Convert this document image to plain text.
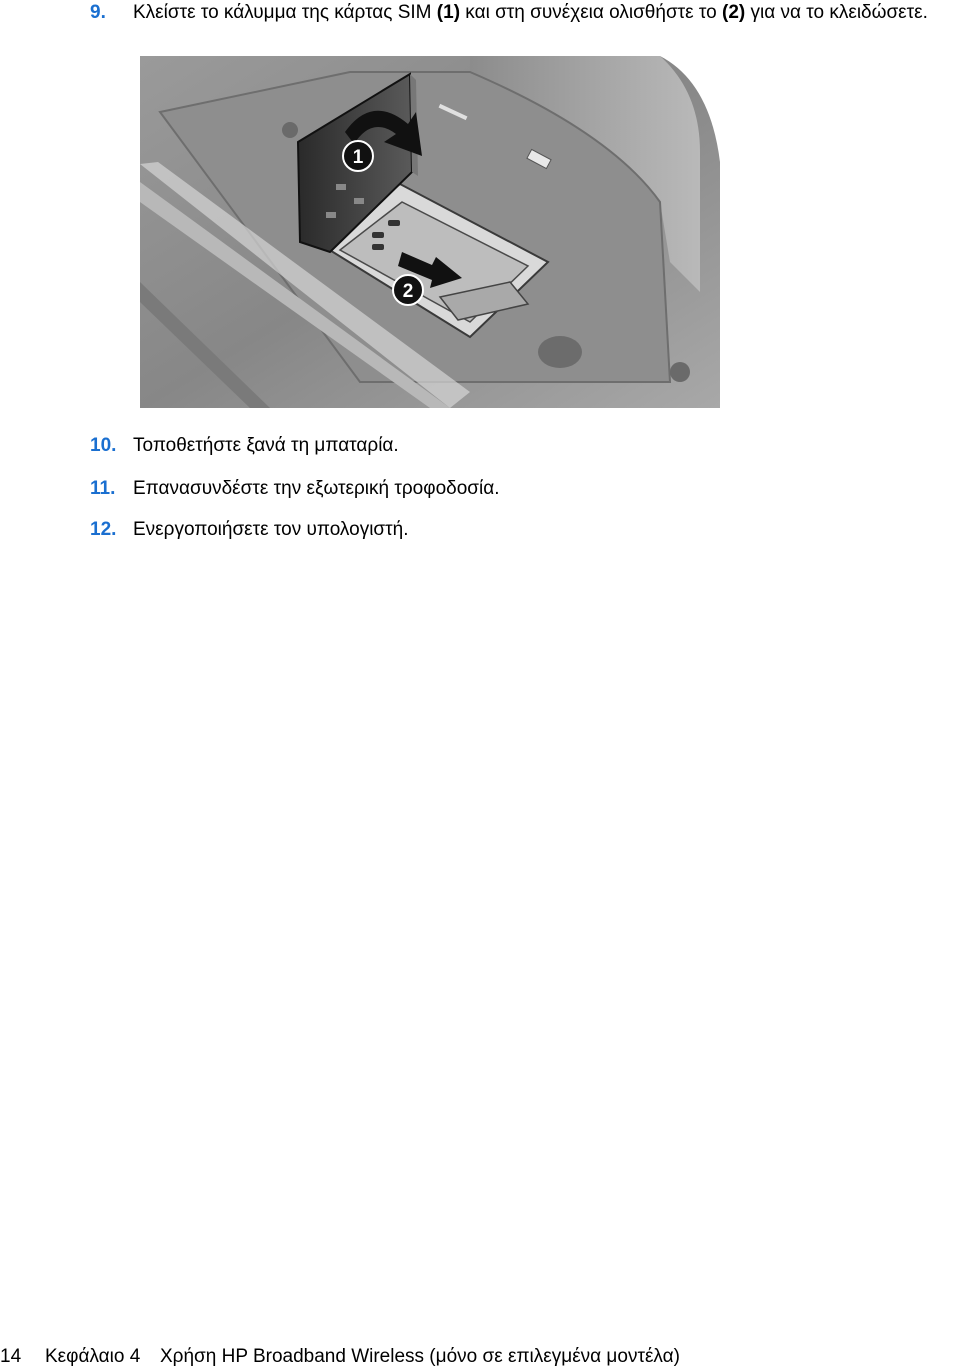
9. Κλείστε το κάλυμμα της κάρτας SIM (1) και στη συνέχεια ολισθήστε το (2) για να το κλειδώσετε.
1
2
10. Τοποθετήστε ξανά τη μπαταρία.
11. Επανασυνδέστε την εξωτερική τροφοδοσία.
12. Ενεργοποιήσετε τον υπολογιστή.
14 Κεφάλαιο 4 Χρήση HP Broadband Wireless (μόνο σε επιλεγμένα μοντέλα)
